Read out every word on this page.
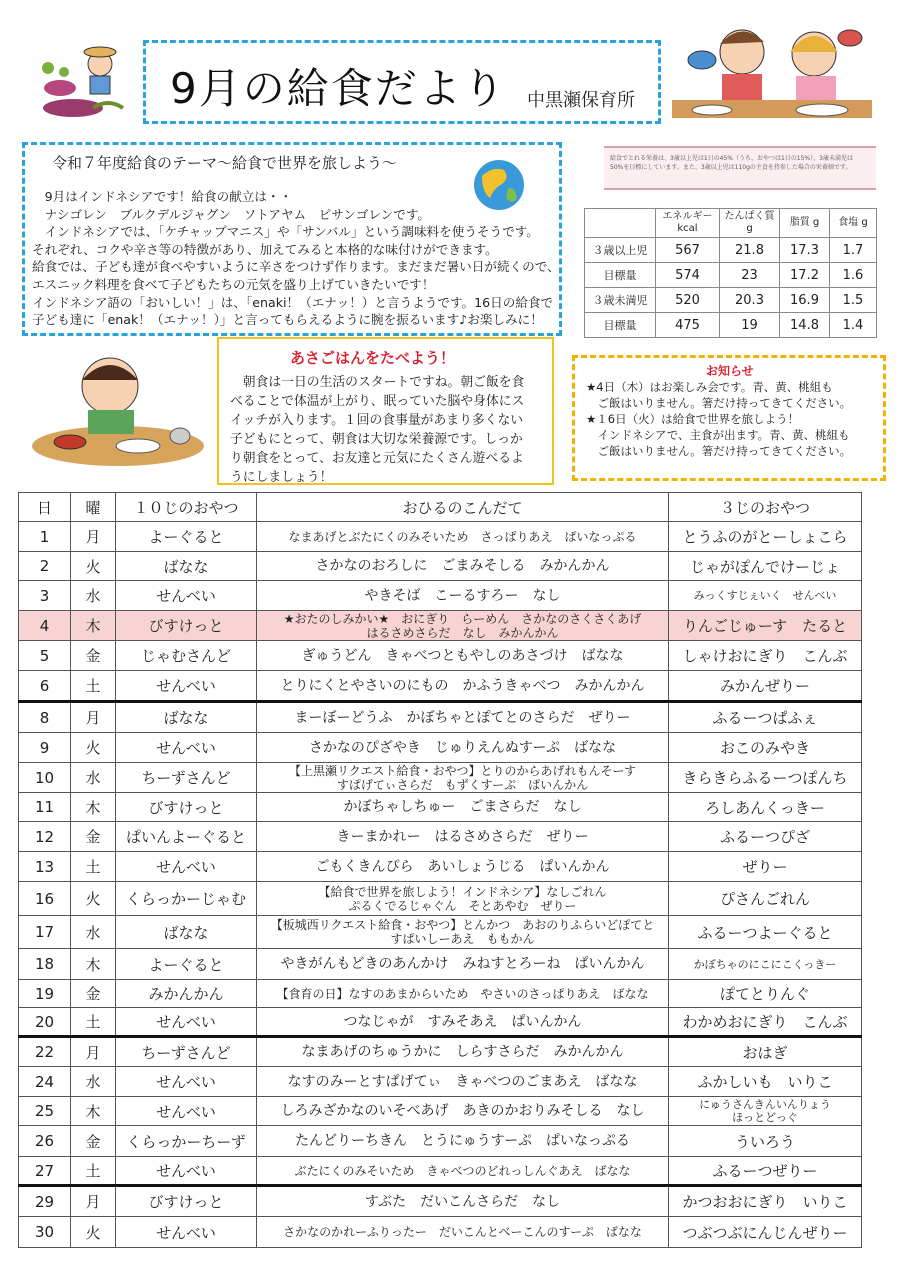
9月の給食だより 中黒瀬保育所
令和７年度給食のテーマ～給食で世界を旅しよう～
　9月はインドネシアです！給食の献立は・・
　ナシゴレン　ブルクデルジャグン　ソトアヤム　ピサンゴレンです。
　インドネシアでは、「ケチャップマニス」や「サンバル」という調味料を使うそうです。
それぞれ、コクや辛さ等の特徴があり、加えてみると本格的な味付けができます。
給食では、子ども達が食べやすいように辛さをつけず作ります。まだまだ暑い日が続くので、
エスニック料理を食べて子どもたちの元気を盛り上げていきたいです！
インドネシア語の「おいしい！」は、「enaki！（エナッ！）と言うようです。16日の給食で
子ども達に「enak！（エナッ！）」と言ってもらえるように腕を振るいます♪お楽しみに！
給食でとれる栄養は、3歳以上児は1日の45%（うち、おやつは1日の15%）、3歳未満児は
50%を目標にしています。また、3歳以上児は110gの主食を持参した場合の栄養価です。
	エネルギー kcal	たんぱく質 g	脂質 g	食塩 g
３歳以上児	567	21.8	17.3	1.7
目標量	574	23	17.2	1.6
３歳未満児	520	20.3	16.9	1.5
目標量	475	19	14.8	1.4
あさごはんをたべよう！
　朝食は一日の生活のスタートですね。朝ご飯を食
べることで体温が上がり、眠っていた脳や身体にス
イッチが入ります。１回の食事量があまり多くない
子どもにとって、朝食は大切な栄養源です。しっか
り朝食をとって、お友達と元気にたくさん遊べるよ
うにしましょう！
お知らせ
★4日（木）はお楽しみ会です。青、黄、桃組も
　ご飯はいりません。箸だけ持ってきてください。
★１6日（火）は給食で世界を旅しよう！
　インドネシアで、主食が出ます。青、黄、桃組も
　ご飯はいりません。箸だけ持ってきてください。
日	曜	１０じのおやつ	おひるのこんだて	３じのおやつ
1	月	よーぐると	なまあげとぶたにくのみそいため　さっぱりあえ　ぱいなっぷる	とうふのがとーしょこら

2	火	ばなな	さかなのおろしに　ごまみそしる　みかんかん	じゃがぽんでけーじょ

3	水	せんべい	やきそば　こーるすろー　なし	みっくすじぇいく　せんべい

4	木	びすけっと	★おたのしみかい★　おにぎり　らーめん　さかなのさくさくあげ
はるさめさらだ　なし　みかんかん	りんごじゅーす　たると

5	金	じゃむさんど	ぎゅうどん　きゃべつともやしのあさづけ　ばなな	しゃけおにぎり　こんぶ

6	土	せんべい	とりにくとやさいのにもの　かふうきゃべつ　みかんかん	みかんぜりー

8	月	ばなな	まーぼーどうふ　かぼちゃとぽてとのさらだ　ぜりー	ふるーつぱふぇ

9	火	せんべい	さかなのぴざやき　じゅりえんぬすーぷ　ばなな	おこのみやき

10	水	ちーずさんど	【上黒瀬リクエスト給食・おやつ】とりのからあげれもんそーす
すぱげてぃさらだ　もずくすーぷ　ぱいんかん	きらきらふるーつぽんち

11	木	びすけっと	かぼちゃしちゅー　ごまさらだ　なし	ろしあんくっきー

12	金	ぱいんよーぐると	きーまかれー　はるさめさらだ　ぜりー	ふるーつぴざ

13	土	せんべい	ごもくきんぴら　あいしょうじる　ぱいんかん	ぜりー

16	火	くらっかーじゃむ	【給食で世界を旅しよう！インドネシア】なしごれん
ぷるくでるじゃぐん　そとあやむ　ぜりー	ぴさんごれん

17	水	ばなな	【板城西リクエスト給食・おやつ】とんかつ　あおのりふらいどぽてと
すぱいしーあえ　ももかん	ふるーつよーぐると

18	木	よーぐると	やきがんもどきのあんかけ　みねすとろーね　ぱいんかん	かぼちゃのにこにこくっきー

19	金	みかんかん	【食育の日】なすのあまからいため　やさいのさっぱりあえ　ばなな	ぽてとりんぐ

20	土	せんべい	つなじゃが　すみそあえ　ぱいんかん	わかめおにぎり　こんぶ

22	月	ちーずさんど	なまあげのちゅうかに　しらすさらだ　みかんかん	おはぎ

24	水	せんべい	なすのみーとすぱげてぃ　きゃべつのごまあえ　ばなな	ふかしいも　いりこ

25	木	せんべい	しろみざかなのいそべあげ　あきのかおりみそしる　なし	にゅうさんきんいんりょう
ほっとどっぐ

26	金	くらっかーちーず	たんどりーちきん　とうにゅうすーぷ　ぱいなっぷる	ういろう

27	土	せんべい	ぶたにくのみそいため　きゃべつのどれっしんぐあえ　ばなな	ふるーつぜりー

29	月	びすけっと	すぶた　だいこんさらだ　なし	かつおおにぎり　いりこ

30	火	せんべい	さかなのかれーふりったー　だいこんとべーこんのすーぷ　ばなな	つぶつぶにんじんぜりー
